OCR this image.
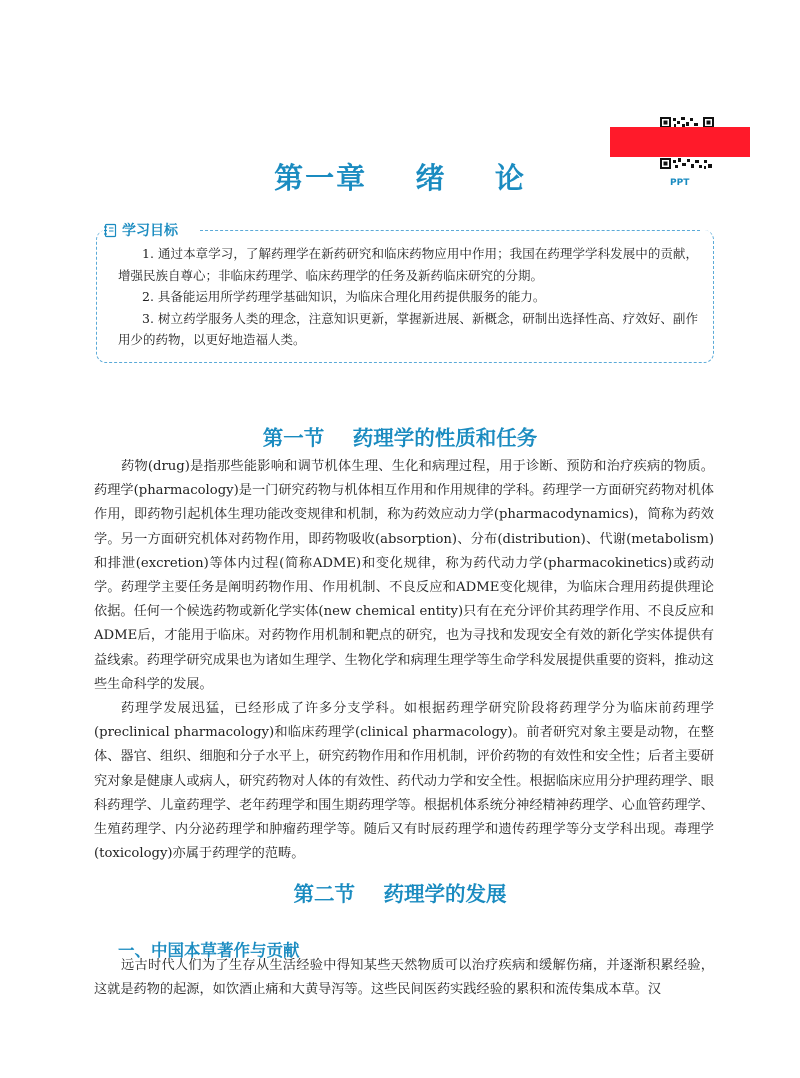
第一章    绪    论	PPT
学习目标

1. 通过本章学习，了解药理学在新药研究和临床药物应用中作用；我国在药理学学科发展中的贡献，增强民族自尊心；非临床药理学、临床药理学的任务及新药临床研究的分期。

2. 具备能运用所学药理学基础知识，为临床合理化用药提供服务的能力。

3. 树立药学服务人类的理念，注意知识更新，掌握新进展、新概念，研制出选择性高、疗效好、副作用少的药物，以更好地造福人类。

第一节    药理学的性质和任务

药物(drug)是指那些能影响和调节机体生理、生化和病理过程，用于诊断、预防和治疗疾病的物质。药理学(pharmacology)是一门研究药物与机体相互作用和作用规律的学科。药理学一方面研究药物对机体作用，即药物引起机体生理功能改变规律和机制，称为药效应动力学(pharmacodynamics)，简称为药效学。另一方面研究机体对药物作用，即药物吸收(absorption)、分布(distribution)、代谢(metabolism)和排泄(excretion)等体内过程(简称ADME)和变化规律，称为药代动力学(pharmacokinetics)或药动学。药理学主要任务是阐明药物作用、作用机制、不良反应和ADME变化规律，为临床合理用药提供理论依据。任何一个候选药物或新化学实体(new chemical entity)只有在充分评价其药理学作用、不良反应和ADME后，才能用于临床。对药物作用机制和靶点的研究，也为寻找和发现安全有效的新化学实体提供有益线索。药理学研究成果也为诸如生理学、生物化学和病理生理学等生命学科发展提供重要的资料，推动这些生命科学的发展。

药理学发展迅猛，已经形成了许多分支学科。如根据药理学研究阶段将药理学分为临床前药理学(preclinical pharmacology)和临床药理学(clinical pharmacology)。前者研究对象主要是动物，在整体、器官、组织、细胞和分子水平上，研究药物作用和作用机制，评价药物的有效性和安全性；后者主要研究对象是健康人或病人，研究药物对人体的有效性、药代动力学和安全性。根据临床应用分护理药理学、眼科药理学、儿童药理学、老年药理学和围生期药理学等。根据机体系统分神经精神药理学、心血管药理学、生殖药理学、内分泌药理学和肿瘤药理学等。随后又有时辰药理学和遗传药理学等分支学科出现。毒理学(toxicology)亦属于药理学的范畴。

第二节    药理学的发展
一、中国本草著作与贡献

远古时代人们为了生存从生活经验中得知某些天然物质可以治疗疾病和缓解伤痛，并逐渐积累经验，这就是药物的起源，如饮酒止痛和大黄导泻等。这些民间医药实践经验的累积和流传集成本草。汉
